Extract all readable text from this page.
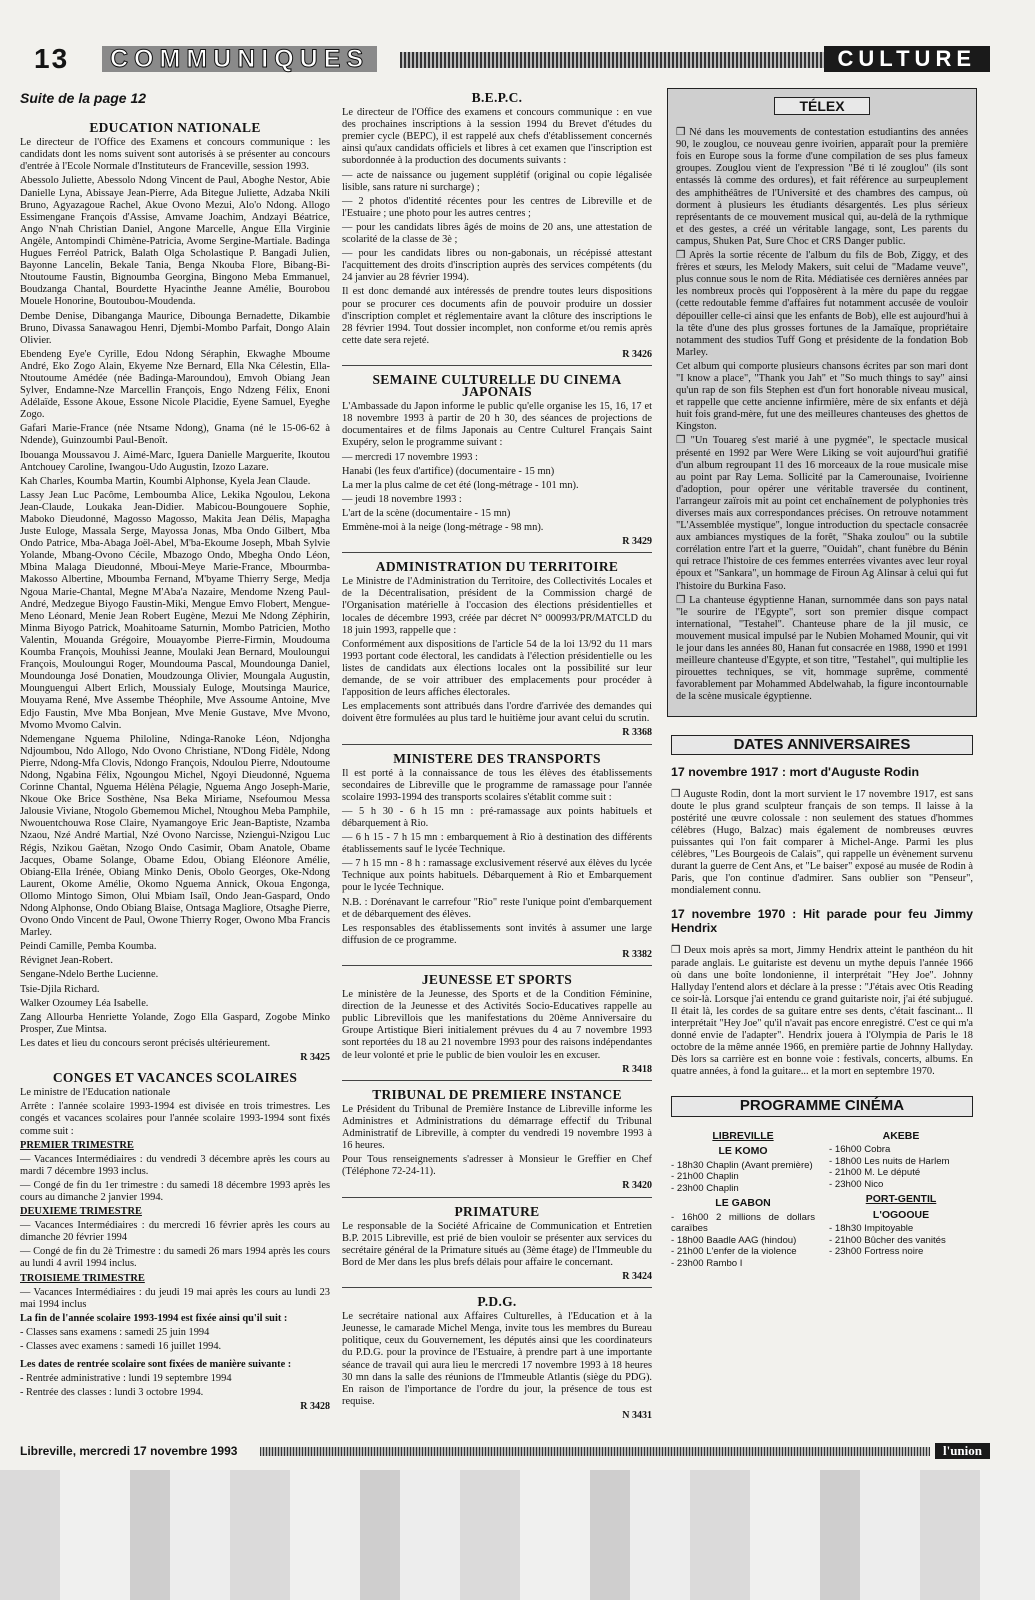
13	COMMUNIQUES	CULTURE
Suite de la page 12
EDUCATION NATIONALE

Le directeur de l'Office des Examens et concours communique : les candidats dont les noms suivent sont autorisés à se présenter au concours d'entrée à l'Ecole Normale d'Instituteurs de Franceville, session 1993.

Abessolo Juliette, Abessolo Ndong Vincent de Paul, Aboghe Nestor, Abie Danielle Lyna, Abissaye Jean-Pierre, Ada Bitegue Juliette, Adzaba Nkili Bruno, Agyazagoue Rachel, Akue Ovono Mezui, Alo'o Ndong. Allogo Essimengane François d'Assise, Amvame Joachim, Andzayi Béatrice, Ango N'nah Christian Daniel, Angone Marcelle, Angue Ella Virginie Angèle, Antompindi Chimène-Patricia, Avome Sergine-Martiale. Badinga Hugues Ferréol Patrick, Balath Olga Scholastique P. Bangadi Julien, Bayonne Lancelin, Bekale Tania, Benga Nkouba Flore, Bibang-Bi-Ntoutoume Faustin, Bignoumba Georgina, Bingono Meba Emmanuel, Boudzanga Chantal, Bourdette Hyacinthe Jeanne Amélie, Bourobou Mouele Honorine, Boutoubou-Moudenda.

Dembe Denise, Dibanganga Maurice, Dibounga Bernadette, Dikambie Bruno, Divassa Sanawagou Henri, Djembi-Mombo Parfait, Dongo Alain Olivier.

Ebendeng Eye'e Cyrille, Edou Ndong Séraphin, Ekwaghe Mboume André, Eko Zogo Alain, Ekyeme Nze Bernard, Ella Nka Célestin, Ella-Ntoutoume Amédée (née Badinga-Maroundou), Emvoh Obiang Jean Sylver, Endamne-Nze Marcellin François, Engo Ndzeng Félix, Enoni Adélaïde, Essone Akoue, Essone Nicole Placidie, Eyene Samuel, Eyeghe Zogo.

Gafari Marie-France (née Ntsame Ndong), Gnama (né le 15-06-62 à Ndende), Guinzoumbi Paul-Benoît.

Ibouanga Moussavou J. Aimé-Marc, Iguera Danielle Marguerite, Ikoutou Antchouey Caroline, Iwangou-Udo Augustin, Izozo Lazare.

Kah Charles, Koumba Martin, Koumbi Alphonse, Kyela Jean Claude.

Lassy Jean Luc Pacôme, Lemboumba Alice, Lekika Ngoulou, Lekona Jean-Claude, Loukaka Jean-Didier. Mabicou-Boungouere Sophie, Maboko Dieudonné, Magosso Magosso, Makita Jean Délis, Mapagha Juste Euloge, Massala Serge, Mayossa Jonas, Mba Ondo Gilbert, Mba Ondo Patrice, Mba-Abaga Joël-Abel, M'ba-Ekoume Joseph, Mbah Sylvie Yolande, Mbang-Ovono Cécile, Mbazogo Ondo, Mbegha Ondo Léon, Mbina Malaga Dieudonné, Mboui-Meye Marie-France, Mbourmba-Makosso Albertine, Mboumba Fernand, M'byame Thierry Serge, Medja Ngoua Marie-Chantal, Megne M'Aba'a Nazaire, Mendome Nzeng Paul-André, Medzegue Biyogo Faustin-Miki, Mengue Emvo Flobert, Mengue-Meno Léonard, Menie Jean Robert Eugène, Mezui Me Ndong Zéphirin, Minma Biyogo Patrick, Moahitoame Saturnin, Mombo Patricien, Motho Valentin, Mouanda Grégoire, Mouayombe Pierre-Firmin, Moudouma Koumba François, Mouhissi Jeanne, Moulaki Jean Bernard, Mouloungui François, Mouloungui Roger, Moundouma Pascal, Moundounga Daniel, Moundounga José Donatien, Moudzounga Olivier, Moungala Augustin, Mounguengui Albert Erlich, Moussialy Euloge, Moutsinga Maurice, Mouyama René, Mve Assembe Théophile, Mve Assoume Antoine, Mve Edjo Faustin, Mve Mba Bonjean, Mve Menie Gustave, Mve Mvono, Mvomo Mvomo Calvin.

Ndemengane Nguema Philoline, Ndinga-Ranoke Léon, Ndjongha Ndjoumbou, Ndo Allogo, Ndo Ovono Christiane, N'Dong Fidèle, Ndong Pierre, Ndong-Mfa Clovis, Ndongo François, Ndoulou Pierre, Ndoutoume Ndong, Ngabina Félix, Ngoungou Michel, Ngoyi Dieudonné, Nguema Corinne Chantal, Nguema Hélèna Pélagie, Nguema Ango Joseph-Marie, Nkoue Oke Brice Sosthène, Nsa Beka Miriame, Nsefoumou Messa Jalousie Viviane, Ntogolo Gbememou Michel, Ntoughou Meba Pamphile, Nwouentchouwa Rose Claire, Nyamangoye Eric Jean-Baptiste, Nzamba Nzaou, Nzé André Martial, Nzé Ovono Narcisse, Nzienguì-Nzigou Luc Régis, Nzikou Gaëtan, Nzogo Ondo Casimir, Obam Anatole, Obame Jacques, Obame Solange, Obame Edou, Obiang Eléonore Amélie, Obiang-Ella Irénée, Obiang Minko Denis, Obolo Georges, Oke-Ndong Laurent, Okome Amélie, Okomo Nguema Annick, Okoua Engonga, Ollomo Mintogo Simon, Olui Mbiam Isaïl, Ondo Jean-Gaspard, Ondo Ndong Alphonse, Ondo Obiang Blaise, Ontsaga Magliore, Otsaghe Pierre, Ovono Ondo Vincent de Paul, Owone Thierry Roger, Owono Mba Francis Marley.

Peindi Camille, Pemba Koumba.

Révignet Jean-Robert.

Sengane-Ndelo Berthe Lucienne.

Tsie-Djila Richard.

Walker Ozoumey Léa Isabelle.

Zang Allourba Henriette Yolande, Zogo Ella Gaspard, Zogobe Minko Prosper, Zue Mintsa.

Les dates et lieu du concours seront précisés ultérieurement.

R 3425
CONGES ET VACANCES SCOLAIRES

Le ministre de l'Education nationale

Arrête : l'année scolaire 1993-1994 est divisée en trois trimestres. Les congés et vacances scolaires pour l'année scolaire 1993-1994 sont fixés comme suit :

PREMIER TRIMESTRE

— Vacances Intermédiaires : du vendredi 3 décembre après les cours au mardi 7 décembre 1993 inclus.

— Congé de fin du 1er trimestre : du samedi 18 décembre 1993 après les cours au dimanche 2 janvier 1994.

DEUXIEME TRIMESTRE

— Vacances Intermédiaires : du mercredi 16 février après les cours au dimanche 20 février 1994

— Congé de fin du 2è Trimestre : du samedi 26 mars 1994 après les cours au lundi 4 avril 1994 inclus.

TROISIEME TRIMESTRE

— Vacances Intermédiaires : du jeudi 19 mai après les cours au lundi 23 mai 1994 inclus

La fin de l'année scolaire 1993-1994 est fixée ainsi qu'il suit :

- Classes sans examens : samedi 25 juin 1994

- Classes avec examens : samedi 16 juillet 1994.

Les dates de rentrée scolaire sont fixées de manière suivante :

- Rentrée administrative : lundi 19 septembre 1994

- Rentrée des classes : lundi 3 octobre 1994.

R 3428
B.E.P.C.

Le directeur de l'Office des examens et concours communique : en vue des prochaines inscriptions à la session 1994 du Brevet d'études du premier cycle (BEPC), il est rappelé aux chefs d'établissement concernés ainsi qu'aux candidats officiels et libres à cet examen que l'inscription est subordonnée à la production des documents suivants :

— acte de naissance ou jugement supplétif (original ou copie légalisée lisible, sans rature ni surcharge) ;

— 2 photos d'identité récentes pour les centres de Libreville et de l'Estuaire ; une photo pour les autres centres ;

— pour les candidats libres âgés de moins de 20 ans, une attestation de scolarité de la classe de 3è ;

— pour les candidats libres ou non-gabonais, un récépissé attestant l'acquittement des droits d'inscription auprès des services compétents (du 24 janvier au 28 février 1994).

Il est donc demandé aux intéressés de prendre toutes leurs dispositions pour se procurer ces documents afin de pouvoir produire un dossier d'inscription complet et réglementaire avant la clôture des inscriptions le 28 février 1994. Tout dossier incomplet, non conforme et/ou remis après cette date sera rejeté.

R 3426
SEMAINE CULTURELLE DU CINEMA JAPONAIS

L'Ambassade du Japon informe le public qu'elle organise les 15, 16, 17 et 18 novembre 1993 à partir de 20 h 30, des séances de projections de documentaires et de films Japonais au Centre Culturel Français Saint Exupéry, selon le programme suivant :

— mercredi 17 novembre 1993 :

Hanabi (les feux d'artifice) (documentaire - 15 mn)

La mer la plus calme de cet été (long-métrage - 101 mn).

— jeudi 18 novembre 1993 :

L'art de la scène (documentaire - 15 mn)

Emmène-moi à la neige (long-métrage - 98 mn).

R 3429
ADMINISTRATION DU TERRITOIRE

Le Ministre de l'Administration du Territoire, des Collectivités Locales et de la Décentralisation, président de la Commission chargé de l'Organisation matérielle à l'occasion des élections présidentielles et locales de décembre 1993, créée par décret N° 000993/PR/MATCLD du 18 juin 1993, rappelle que :

Conformément aux dispositions de l'article 54 de la loi 13/92 du 11 mars 1993 portant code électoral, les candidats à l'élection présidentielle ou les listes de candidats aux élections locales ont la possibilité sur leur demande, de se voir attribuer des emplacements pour procéder à l'apposition de leurs affiches électorales.

Les emplacements sont attribués dans l'ordre d'arrivée des demandes qui doivent être formulées au plus tard le huitième jour avant celui du scrutin.

R 3368
MINISTERE DES TRANSPORTS

Il est porté à la connaissance de tous les élèves des établissements secondaires de Libreville que le programme de ramassage pour l'année scolaire 1993-1994 des transports scolaires s'établit comme suit :

— 5 h 30 - 6 h 15 mn : pré-ramassage aux points habituels et débarquement à Rio.

— 6 h 15 - 7 h 15 mn : embarquement à Rio à destination des différents établissements sauf le lycée Technique.

— 7 h 15 mn - 8 h : ramassage exclusivement réservé aux élèves du lycée Technique aux points habituels. Débarquement à Rio et Embarquement pour le lycée Technique.

N.B. : Dorénavant le carrefour "Rio" reste l'unique point d'embarquement et de débarquement des élèves.

Les responsables des établissements sont invités à assumer une large diffusion de ce programme.

R 3382
JEUNESSE ET SPORTS

Le ministère de la Jeunesse, des Sports et de la Condition Féminine, direction de la Jeunesse et des Activités Socio-Educatives rappelle au public Librevillois que les manifestations du 20ème Anniversaire du Groupe Artistique Bieri initialement prévues du 4 au 7 novembre 1993 sont reportées du 18 au 21 novembre 1993 pour des raisons indépendantes de leur volonté et prie le public de bien vouloir les en excuser.

R 3418
TRIBUNAL DE PREMIERE INSTANCE

Le Président du Tribunal de Première Instance de Libreville informe les Administres et Administrations du démarrage effectif du Tribunal Administratif de Libreville, à compter du vendredi 19 novembre 1993 à 16 heures.

Pour Tous renseignements s'adresser à Monsieur le Greffier en Chef (Téléphone 72-24-11).

R 3420
PRIMATURE

Le responsable de la Société Africaine de Communication et Entretien B.P. 2015 Libreville, est prié de bien vouloir se présenter aux services du secrétaire général de la Primature situés au (3ème étage) de l'Immeuble du Bord de Mer dans les plus brefs délais pour affaire le concernant.

R 3424
P.D.G.

Le secrétaire national aux Affaires Culturelles, à l'Education et à la Jeunesse, le camarade Michel Menga, invite tous les membres du Bureau politique, ceux du Gouvernement, les députés ainsi que les coordinateurs du P.D.G. pour la province de l'Estuaire, à prendre part à une importante séance de travail qui aura lieu le mercredi 17 novembre 1993 à 18 heures 30 mn dans la salle des réunions de l'Immeuble Atlantis (siège du PDG). En raison de l'importance de l'ordre du jour, la présence de tous est requise.

N 3431
TÉLEX

❒ Né dans les mouvements de contestation estudiantins des années 90, le zouglou, ce nouveau genre ivoirien, apparaît pour la première fois en Europe sous la forme d'une compilation de ses plus fameux groupes. Zouglou vient de l'expression "Bé ti lé zouglou" (ils sont entassés là comme des ordures), et fait référence au surpeuplement des amphithéâtres de l'Université et des chambres des campus, où dorment à plusieurs les étudiants désargentés. Les plus sérieux représentants de ce mouvement musical qui, au-delà de la rythmique et des gestes, a créé un véritable langage, sont, Les parents du campus, Shuken Pat, Sure Choc et CRS Danger public.

❒ Après la sortie récente de l'album du fils de Bob, Ziggy, et des frères et sœurs, les Melody Makers, suit celui de "Madame veuve", plus connue sous le nom de Rita. Médiatisée ces dernières années par les nombreux procès qui l'opposèrent à la mère du pape du reggae (cette redoutable femme d'affaires fut notamment accusée de vouloir dépouiller celle-ci ainsi que les enfants de Bob), elle est aujourd'hui à la tête d'une des plus grosses fortunes de la Jamaïque, propriétaire notamment des studios Tuff Gong et présidente de la fondation Bob Marley.

Cet album qui comporte plusieurs chansons écrites par son mari dont "I know a place", "Thank you Jah" et "So much things to say" ainsi qu'un rap de son fils Stephen est d'un fort honorable niveau musical, et rappelle que cette ancienne infirmière, mère de six enfants et déjà huit fois grand-mère, fut une des meilleures chanteuses des ghettos de Kingston.

❒ "Un Touareg s'est marié à une pygmée", le spectacle musical présenté en 1992 par Were Were Liking se voit aujourd'hui gratifié d'un album regroupant 11 des 16 morceaux de la roue musicale mise au point par Ray Lema. Sollicité par la Camerounaise, Ivoirienne d'adoption, pour opérer une véritable traversée du continent, l'arrangeur zaïrois mit au point cet enchaînement de polyphonies très diverses mais aux correspondances précises. On retrouve notamment "L'Assemblée mystique", longue introduction du spectacle consacrée aux ambiances mystiques de la forêt, "Shaka zoulou" ou la subtile corrélation entre l'art et la guerre, "Ouidah", chant funèbre du Bénin qui retrace l'histoire de ces femmes enterrées vivantes avec leur royal époux et "Sankara", un hommage de Firoun Ag Alinsar à celui qui fut l'histoire du Burkina Faso.

❒ La chanteuse égyptienne Hanan, surnommée dans son pays natal "le sourire de l'Egypte", sort son premier disque compact international, "Testahel". Chanteuse phare de la jil music, ce mouvement musical impulsé par le Nubien Mohamed Mounir, qui vit le jour dans les années 80, Hanan fut consacrée en 1988, 1990 et 1991 meilleure chanteuse d'Egypte, et son titre, "Testahel", qui multiplie les pirouettes techniques, se vit, hommage suprême, commenté favorablement par Mohammed Abdelwahab, la figure incontournable de la scène musicale égyptienne.

DATES ANNIVERSAIRES
17 novembre 1917 : mort d'Auguste Rodin

❒ Auguste Rodin, dont la mort survient le 17 novembre 1917, est sans doute le plus grand sculpteur français de son temps. Il laisse à la postérité une œuvre colossale : non seulement des statues d'hommes célèbres (Hugo, Balzac) mais également de nombreuses œuvres puissantes qui l'on fait comparer à Michel-Ange. Parmi les plus célèbres, "Les Bourgeois de Calais", qui rappelle un évènement survenu durant la guerre de Cent Ans, et "Le baiser" exposé au musée de Rodin à Paris, que l'on continue d'admirer. Sans oublier son "Penseur", mondialement connu.

17 novembre 1970 : Hit parade pour feu Jimmy Hendrix

❒ Deux mois après sa mort, Jimmy Hendrix atteint le panthéon du hit parade anglais. Le guitariste est devenu un mythe depuis l'année 1966 où dans une boîte londonienne, il interprétait "Hey Joe". Johnny Hallyday l'entend alors et déclare à la presse : "J'étais avec Otis Reading ce soir-là. Lorsque j'ai entendu ce grand guitariste noir, j'ai été subjugué. Il était là, les cordes de sa guitare entre ses dents, c'était fascinant... Il interprétait "Hey Joe" qu'il n'avait pas encore enregistré. C'est ce qui m'a donné envie de l'adapter". Hendrix jouera à l'Olympia de Paris le 18 octobre de la même année 1966, en première partie de Johnny Hallyday. Dès lors sa carrière est en bonne voie : festivals, concerts, albums. En quatre années, à fond la guitare... et la mort en septembre 1970.

PROGRAMME CINÉMA
LIBREVILLE
LE KOMO
- 18h30 Chaplin (Avant première)
- 21h00 Chaplin
- 23h00 Chaplin
LE GABON
- 16h00 2 millions de dollars caraïbes
- 18h00 Baadle AAG (hindou)
- 21h00 L'enfer de la violence
- 23h00 Rambo I
AKEBE
- 16h00 Cobra
- 18h00 Les nuits de Harlem
- 21h00 M. Le député
- 23h00 Nico
PORT-GENTIL
L'OGOOUE
- 18h30 Impitoyable
- 21h00 Bûcher des vanités
- 23h00 Fortress noire
Libreville, mercredi 17 novembre 1993	l'union
